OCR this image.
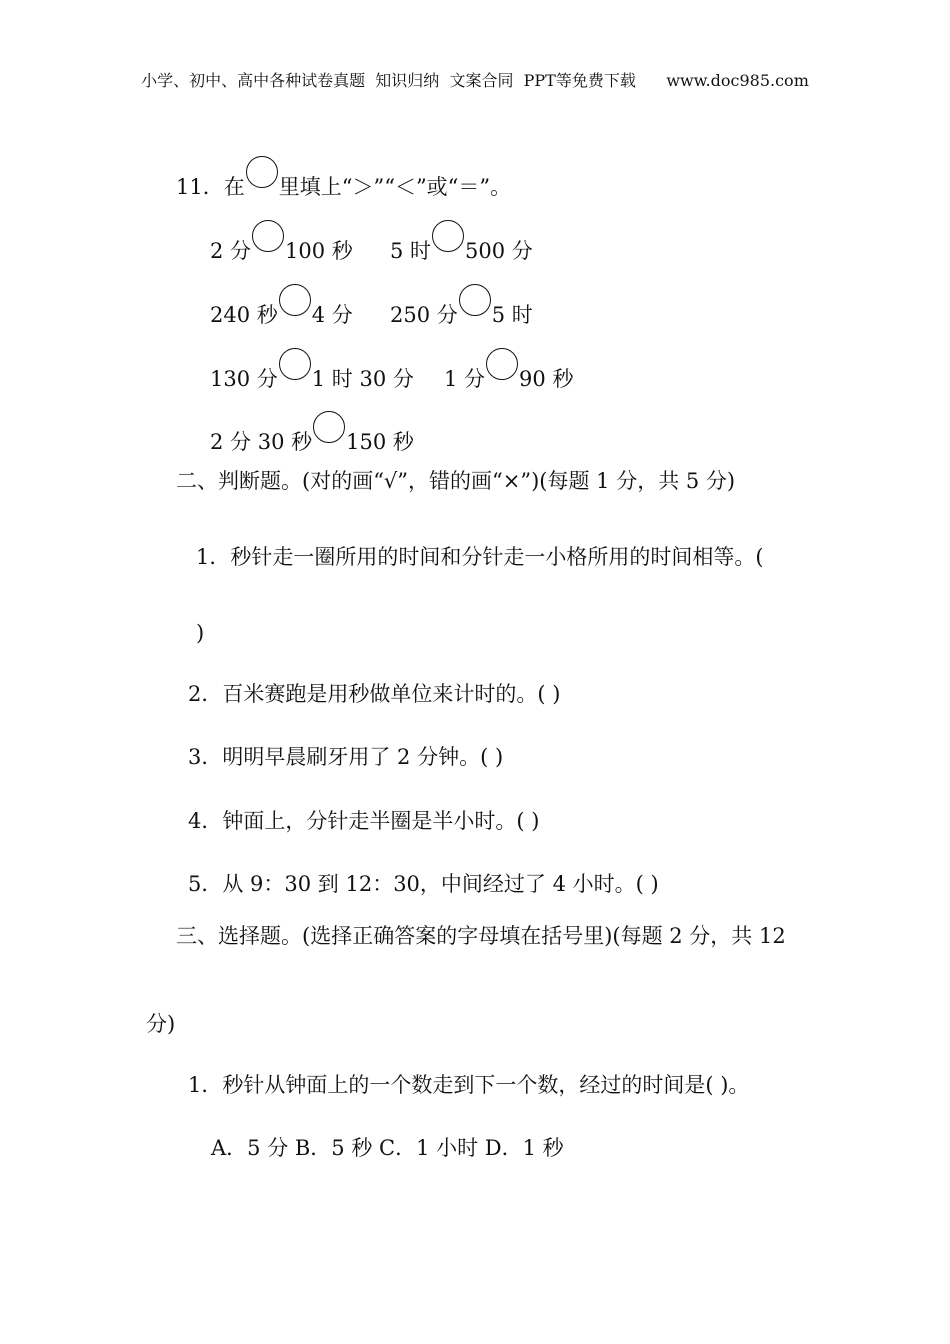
小学、初中、高中各种试卷真题  知识归纳  文案合同  PPT等免费下载      www.doc985.com
11．在 里填上“＞”“＜”或“＝”。
2 分 100 秒 5 时 500 分
240 秒 4 分 250 分 5 时
130 分 1 时 30 分 1 分 90 秒
2 分 30 秒 150 秒
二、判断题。(对的画“√”，错的画“×”)(每题 1 分，共 5 分)
1．秒针走一圈所用的时间和分针走一小格所用的时间相等。(
)
2．百米赛跑是用秒做单位来计时的。( )
3．明明早晨刷牙用了 2 分钟。( )
4．钟面上，分针走半圈是半小时。( )
5．从 9：30 到 12：30，中间经过了 4 小时。( )
三、选择题。(选择正确答案的字母填在括号里)(每题 2 分，共 12
分)
1．秒针从钟面上的一个数走到下一个数，经过的时间是( )。
A．5 分 B．5 秒 C．1 小时 D．1 秒
